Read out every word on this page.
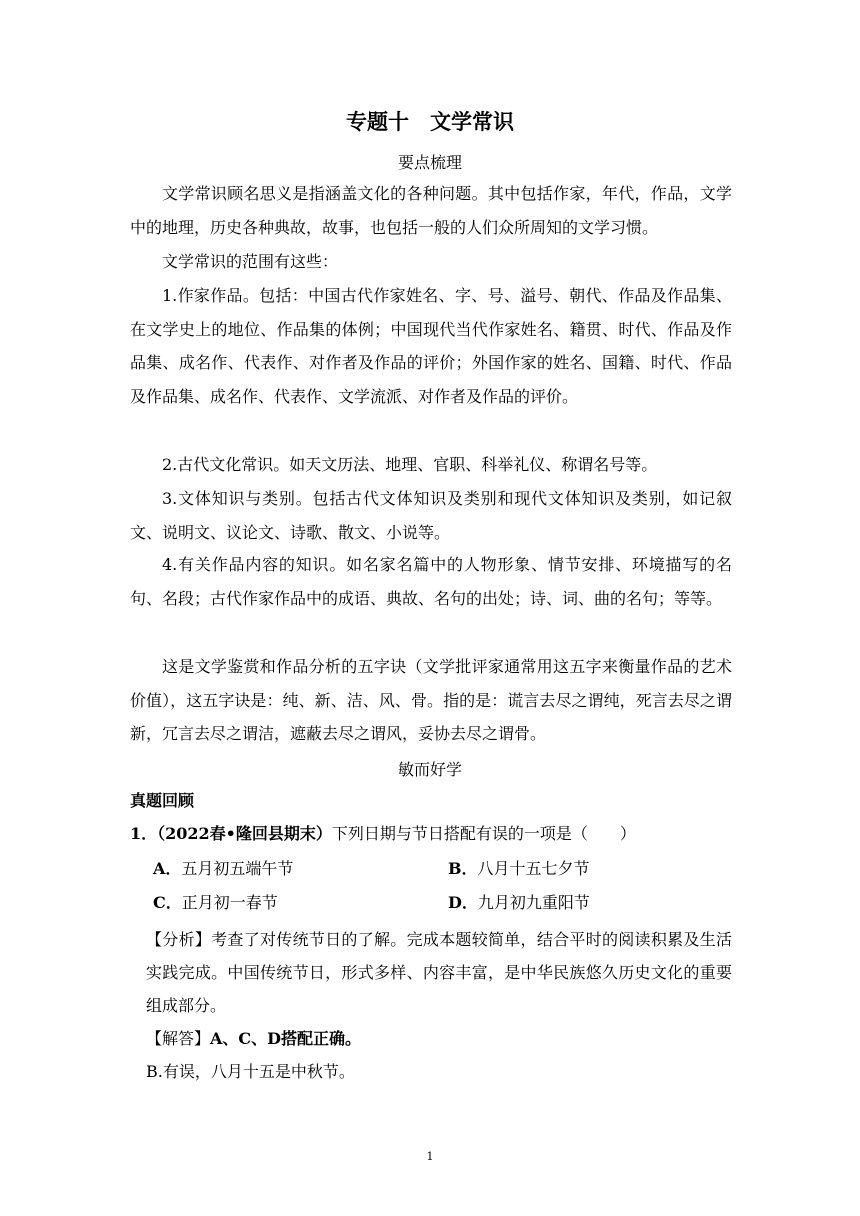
专题十　文学常识
要点梳理

文学常识顾名思义是指涵盖文化的各种问题。其中包括作家，年代，作品，文学中的地理，历史各种典故，故事，也包括一般的人们众所周知的文学习惯。

文学常识的范围有这些：

1.作家作品。包括：中国古代作家姓名、字、号、溢号、朝代、作品及作品集、在文学史上的地位、作品集的体例；中国现代当代作家姓名、籍贯、时代、作品及作品集、成名作、代表作、对作者及作品的评价；外国作家的姓名、国籍、时代、作品及作品集、成名作、代表作、文学流派、对作者及作品的评价。

2.古代文化常识。如天文历法、地理、官职、科举礼仪、称谓名号等。

3.文体知识与类别。包括古代文体知识及类别和现代文体知识及类别，如记叙文、说明文、议论文、诗歌、散文、小说等。

4.有关作品内容的知识。如名家名篇中的人物形象、情节安排、环境描写的名句、名段；古代作家作品中的成语、典故、名句的出处；诗、词、曲的名句；等等。

这是文学鉴赏和作品分析的五字诀（文学批评家通常用这五字来衡量作品的艺术价值），这五字诀是：纯、新、洁、风、骨。指的是：谎言去尽之谓纯，死言去尽之谓新，冗言去尽之谓洁，遮蔽去尽之谓风，妥协去尽之谓骨。

敏而好学
真题回顾
1．（2022春•隆回县期末）下列日期与节日搭配有误的一项是（　　）
A．五月初五端午节	B．八月十五七夕节
C．正月初一春节	D．九月初九重阳节

【分析】考查了对传统节日的了解。完成本题较简单，结合平时的阅读积累及生活实践完成。中国传统节日，形式多样、内容丰富，是中华民族悠久历史文化的重要组成部分。

【解答】A、C、D搭配正确。
B.有误，八月十五是中秋节。
1
